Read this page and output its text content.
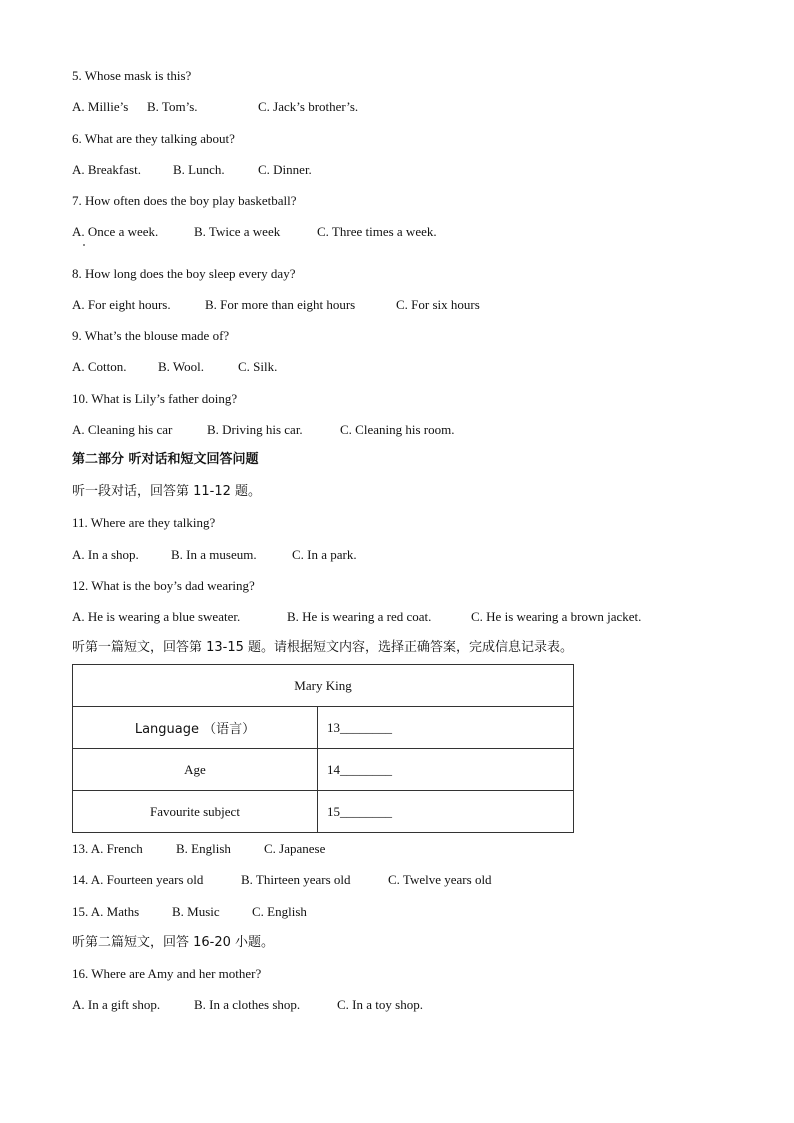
5. Whose mask is this?
A. Millie’s B. Tom’s.	C. Jack’s brother’s.
6. What are they talking about?
A. Breakfast. B. Lunch.	C. Dinner.
7. How often does the boy play basketball?
A. Once a week.	B. Twice a week	C. Three times a week.
8. How long does the boy sleep every day?
A. For eight hours.	B. For more than eight hours	C. For six hours
9. What’s the blouse made of?
A. Cotton. B. Wool.	C. Silk.
10. What is Lily’s father doing?
A. Cleaning his car	B. Driving his car.	C. Cleaning his room.
第二部分 听对话和短文回答问题
听一段对话，回答第 11-12 题。
11. Where are they talking?
A. In a shop. B. In a museum.	C. In a park.
12. What is the boy’s dad wearing?
A. He is wearing a blue sweater.	B. He is wearing a red coat.	C. He is wearing a brown jacket.
听第一篇短文，回答第 13-15 题。请根据短文内容，选择正确答案，完成信息记录表。
Mary King	
Language （语言）	13________
Age	14________
Favourite subject	15________
13. A. French	B. English	C. Japanese
14. A. Fourteen years old	B. Thirteen years old	C. Twelve years old
15. A. Maths	B. Music C. English
听第二篇短文，回答 16-20 小题。
16. Where are Amy and her mother?
A. In a gift shop.	B. In a clothes shop.	C. In a toy shop.
